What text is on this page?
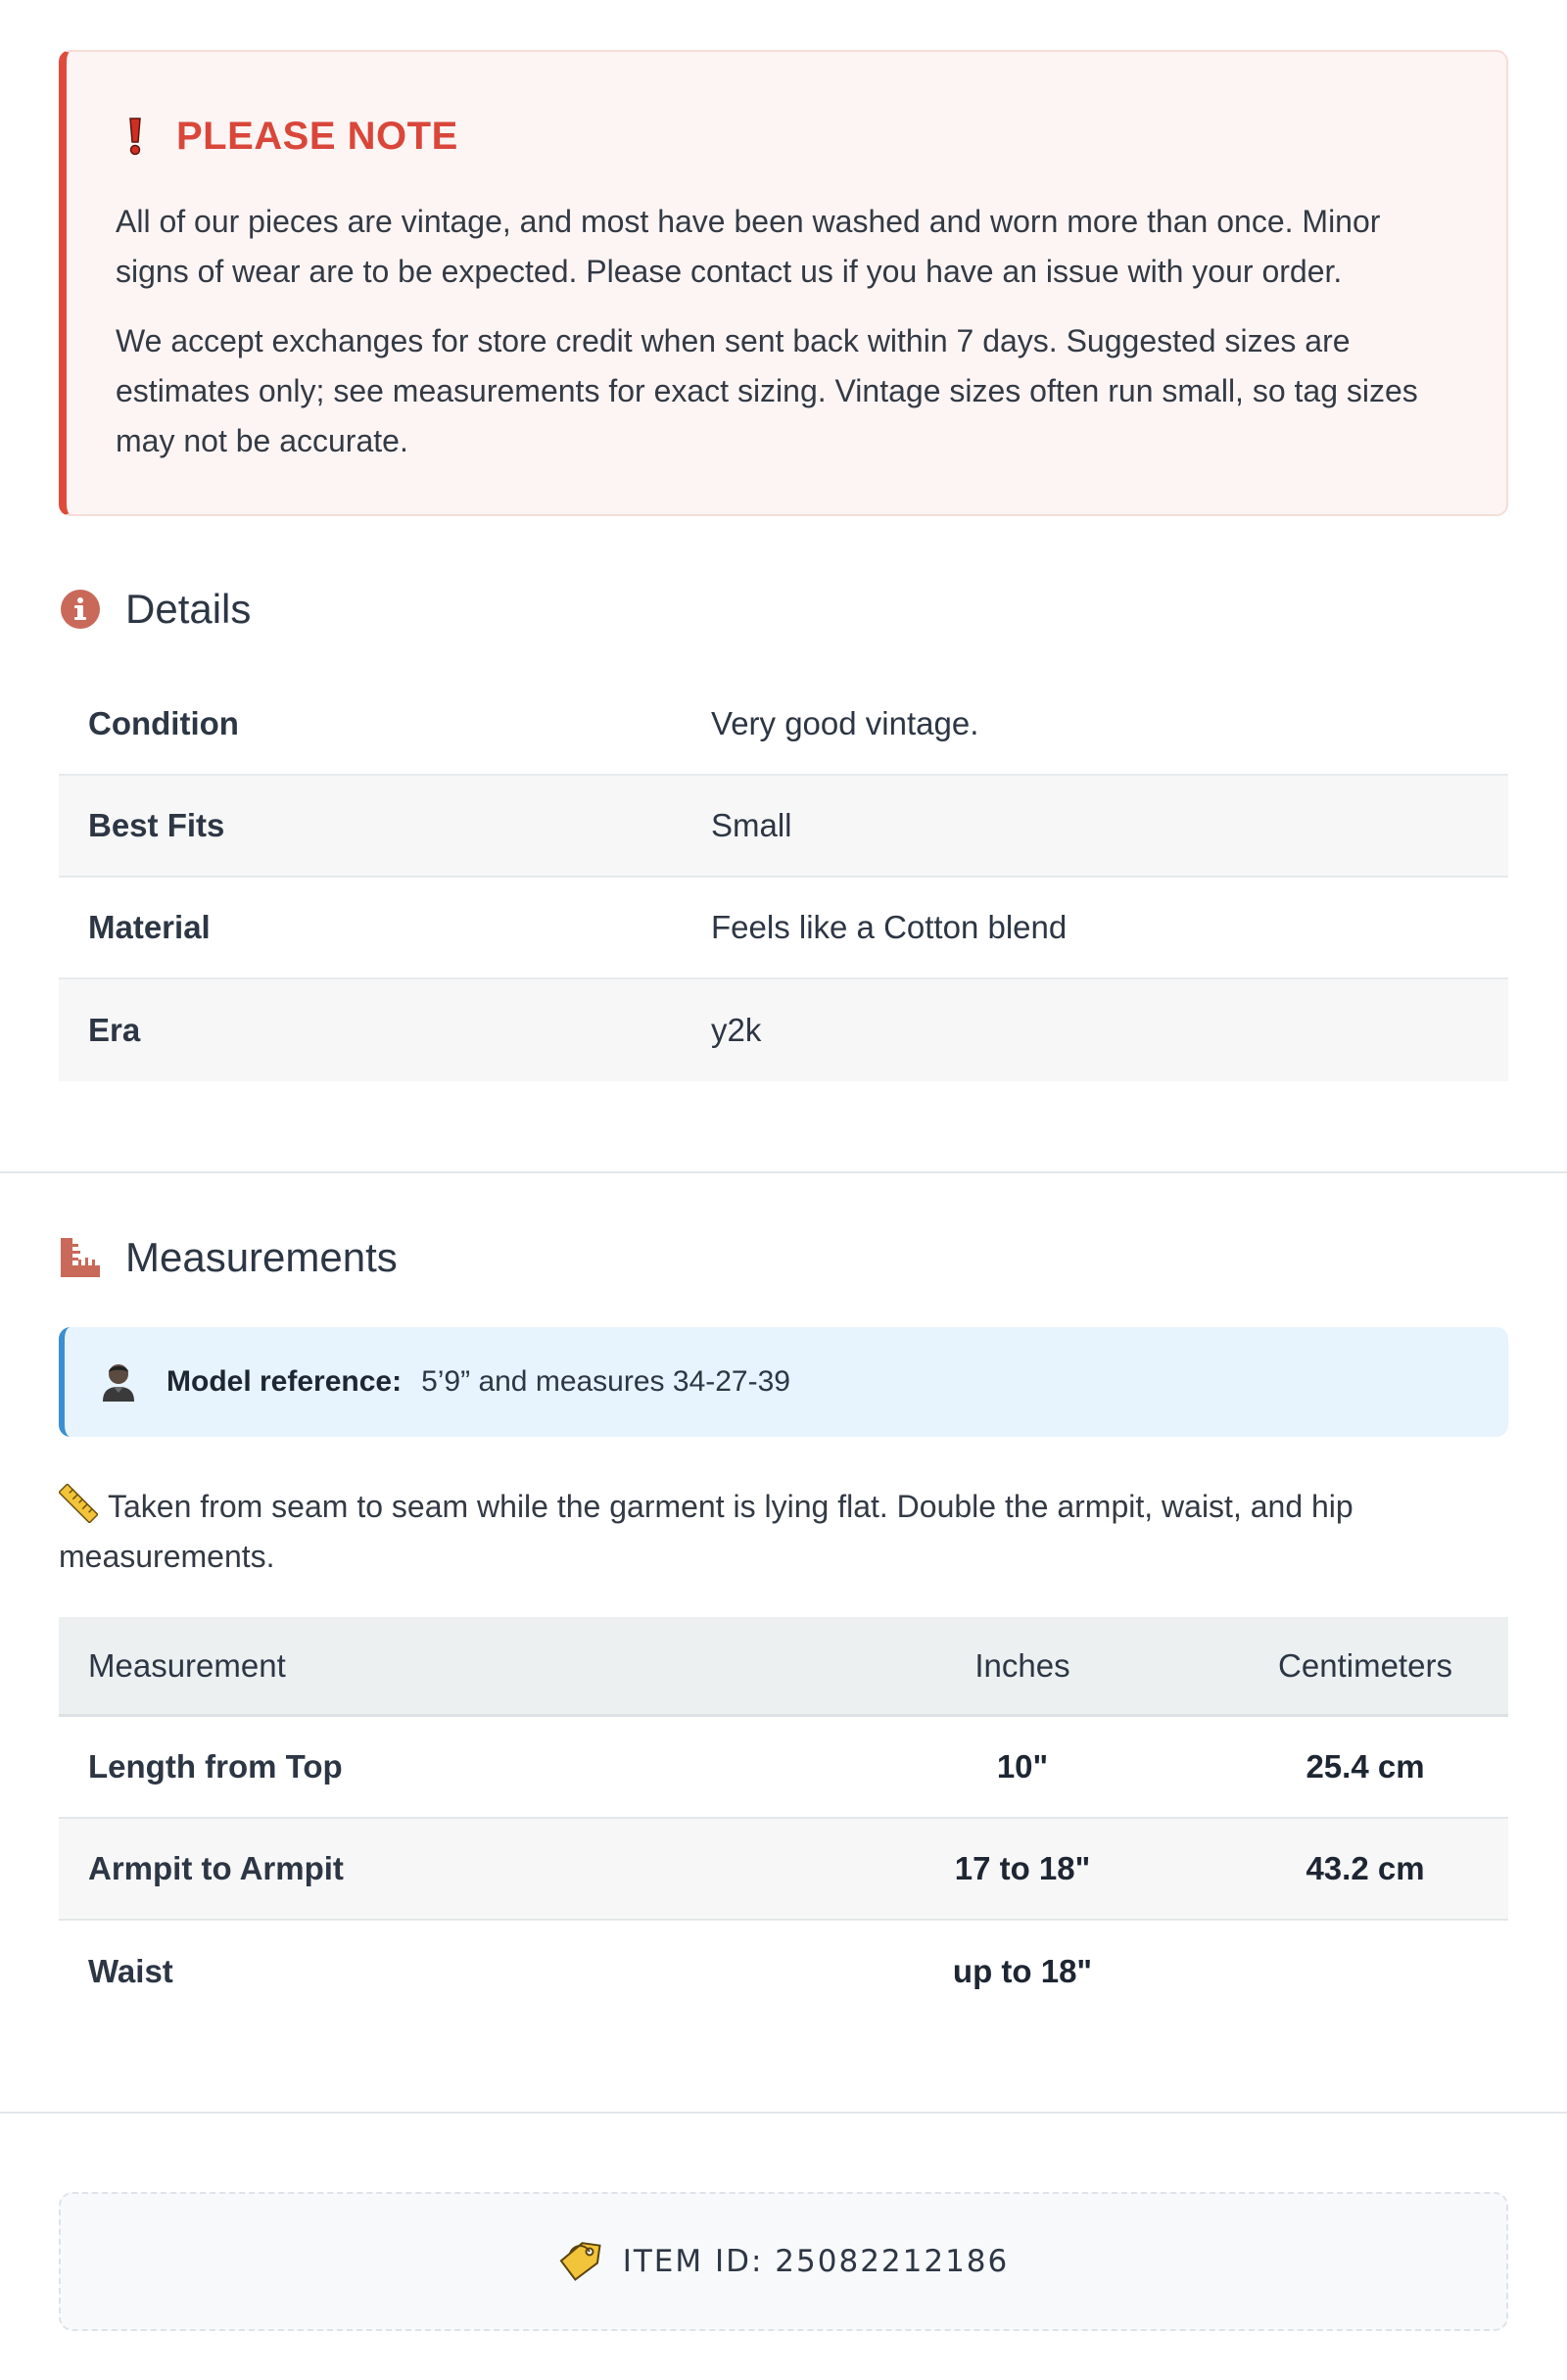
PLEASE NOTE

All of our pieces are vintage, and most have been washed and worn more than once. Minor signs of wear are to be expected. Please contact us if you have an issue with your order.

We accept exchanges for store credit when sent back within 7 days. Suggested sizes are estimates only; see measurements for exact sizing. Vintage sizes often run small, so tag sizes may not be accurate.

Details
Condition	Very good vintage.
Best Fits	Small
Material	Feels like a Cotton blend
Era	y2k
Measurements
Model reference: 5’9” and measures 34-27-39
Taken from seam to seam while the garment is lying flat. Double the armpit, waist, and hip measurements.
Measurement	Inches	Centimeters
Length from Top	10"	25.4 cm
Armpit to Armpit	17 to 18"	43.2 cm
Waist	up to 18"
ITEM ID: 25082212186
